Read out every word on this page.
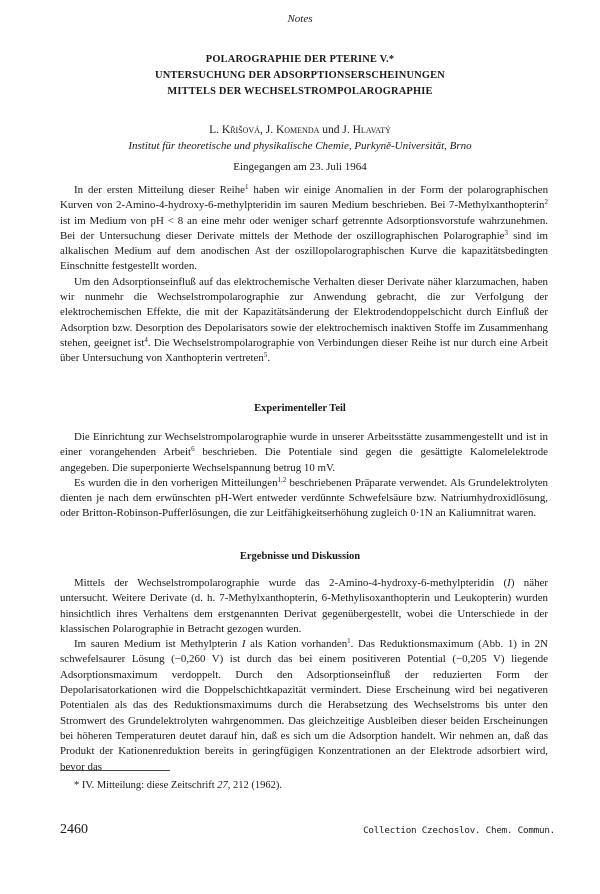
Notes
POLAROGRAPHIE DER PTERINE V.*
UNTERSUCHUNG DER ADSORPTIONSERSCHEINUNGEN
MITTELS DER WECHSELSTROMPOLAROGRAPHIE
L. Křišová, J. Komenda und J. Hlavatý
Institut für theoretische und physikalische Chemie, Purkyně-Universität, Brno
Eingegangen am 23. Juli 1964

In der ersten Mitteilung dieser Reihe$^1$ haben wir einige Anomalien in der Form der polarographischen Kurven von 2-Amino-4-hydroxy-6-methylpteridin im sauren Medium beschrieben. Bei 7-Methylxanthopterin$^2$ ist im Medium von pH < 8 an eine mehr oder weniger scharf getrennte Adsorptionsvorstufe wahrzunehmen. Bei der Untersuchung dieser Derivate mittels der Methode der oszillographischen Polarographie$^3$ sind im alkalischen Medium auf dem anodischen Ast der oszillopolarographischen Kurve die kapazitätsbedingten Einschnitte festgestellt worden.

Um den Adsorptionseinfluß auf das elektrochemische Verhalten dieser Derivate näher klarzumachen, haben wir nunmehr die Wechselstrompolarographie zur Anwendung gebracht, die zur Verfolgung der elektrochemischen Effekte, die mit der Kapazitätsänderung der Elektrodendoppelschicht durch Einfluß der Adsorption bzw. Desorption des Depolarisators sowie der elektrochemisch inaktiven Stoffe im Zusammenhang stehen, geeignet ist$^4$. Die Wechselstrompolarographie von Verbindungen dieser Reihe ist nur durch eine Arbeit über Untersuchung von Xanthopterin vertreten$^5$.

Experimenteller Teil

Die Einrichtung zur Wechselstrompolarographie wurde in unserer Arbeitsstätte zusammengestellt und ist in einer vorangehenden Arbeit$^6$ beschrieben. Die Potentiale sind gegen die gesättigte Kalomelelektrode angegeben. Die superponierte Wechselspannung betrug 10 mV.

Es wurden die in den vorherigen Mitteilungen$^{1,2}$ beschriebenen Präparate verwendet. Als Grundelektrolyten dienten je nach dem erwünschten pH-Wert entweder verdünnte Schwefelsäure bzw. Natriumhydroxidlösung, oder Britton-Robinson-Pufferlösungen, die zur Leitfähigkeitserhöhung zugleich 0·1N an Kaliumnitrat waren.

Ergebnisse und Diskussion

Mittels der Wechselstrompolarographie wurde das 2-Amino-4-hydroxy-6-methylpteridin (I) näher untersucht. Weitere Derivate (d. h. 7-Methylxanthopterin, 6-Methylisoxanthopterin und Leukopterin) wurden hinsichtlich ihres Verhaltens dem erstgenannten Derivat gegenübergestellt, wobei die Unterschiede in der klassischen Polarographie in Betracht gezogen wurden.

Im sauren Medium ist Methylpterin I als Kation vorhanden$^1$. Das Reduktionsmaximum (Abb. 1) in 2N schwefelsaurer Lösung (−0,260 V) ist durch das bei einem positiveren Potential (−0,205 V) liegende Adsorptionsmaximum verdoppelt. Durch den Adsorptionseinfluß der reduzierten Form der Depolarisatorkationen wird die Doppelschichtkapazität vermindert. Diese Erscheinung wird bei negativeren Potentialen als das des Reduktionsmaximums durch die Herabsetzung des Wechselstroms bis unter den Stromwert des Grundelektrolyten wahrgenommen. Das gleichzeitige Ausbleiben dieser beiden Erscheinungen bei höheren Temperaturen deutet darauf hin, daß es sich um die Adsorption handelt. Wir nehmen an, daß das Produkt der Kationenreduktion bereits in geringfügigen Konzentrationen an der Elektrode adsorbiert wird, bevor das

* IV. Mitteilung: diese Zeitschrift 27, 212 (1962).
2460	Collection Czechoslov. Chem. Commun.
